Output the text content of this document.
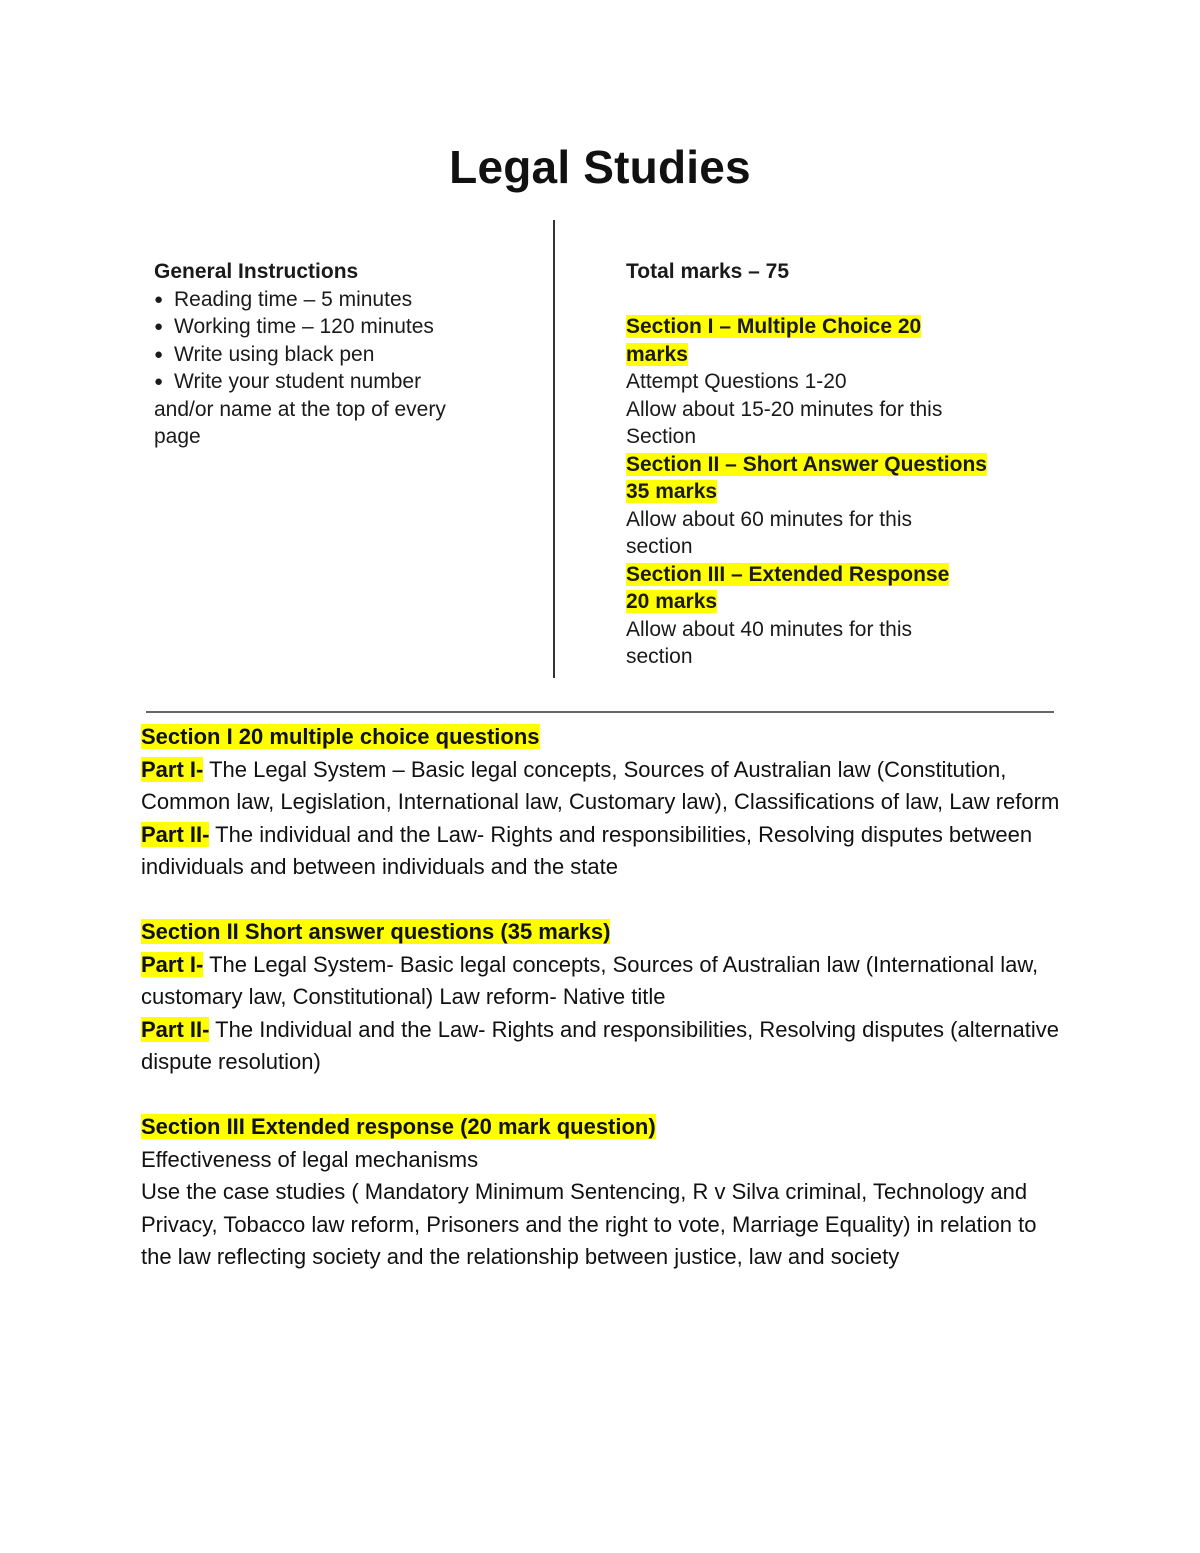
Legal Studies
General Instructions
● Reading time – 5 minutes
● Working time – 120 minutes
● Write using black pen
● Write your student number
and/or name at the top of every page
Total marks – 75
Section I – Multiple Choice 20
marks
Attempt Questions 1-20
Allow about 15-20 minutes for this Section
Section II – Short Answer Questions
35 marks
Allow about 60 minutes for this section
Section III – Extended Response
20 marks
Allow about 40 minutes for this section

Section I 20 multiple choice questions

Part I- The Legal System – Basic legal concepts, Sources of Australian law (Constitution, Common law, Legislation, International law, Customary law), Classifications of law, Law reform

Part II- The individual and the Law- Rights and responsibilities, Resolving disputes between individuals and between individuals and the state

Section II Short answer questions (35 marks)

Part I- The Legal System- Basic legal concepts, Sources of Australian law (International law, customary law, Constitutional) Law reform- Native title

Part II- The Individual and the Law- Rights and responsibilities, Resolving disputes (alternative dispute resolution)

Section III Extended response (20 mark question)

Effectiveness of legal mechanisms

Use the case studies ( Mandatory Minimum Sentencing, R v Silva criminal, Technology and Privacy, Tobacco law reform, Prisoners and the right to vote, Marriage Equality) in relation to the law reflecting society and the relationship between justice, law and society
